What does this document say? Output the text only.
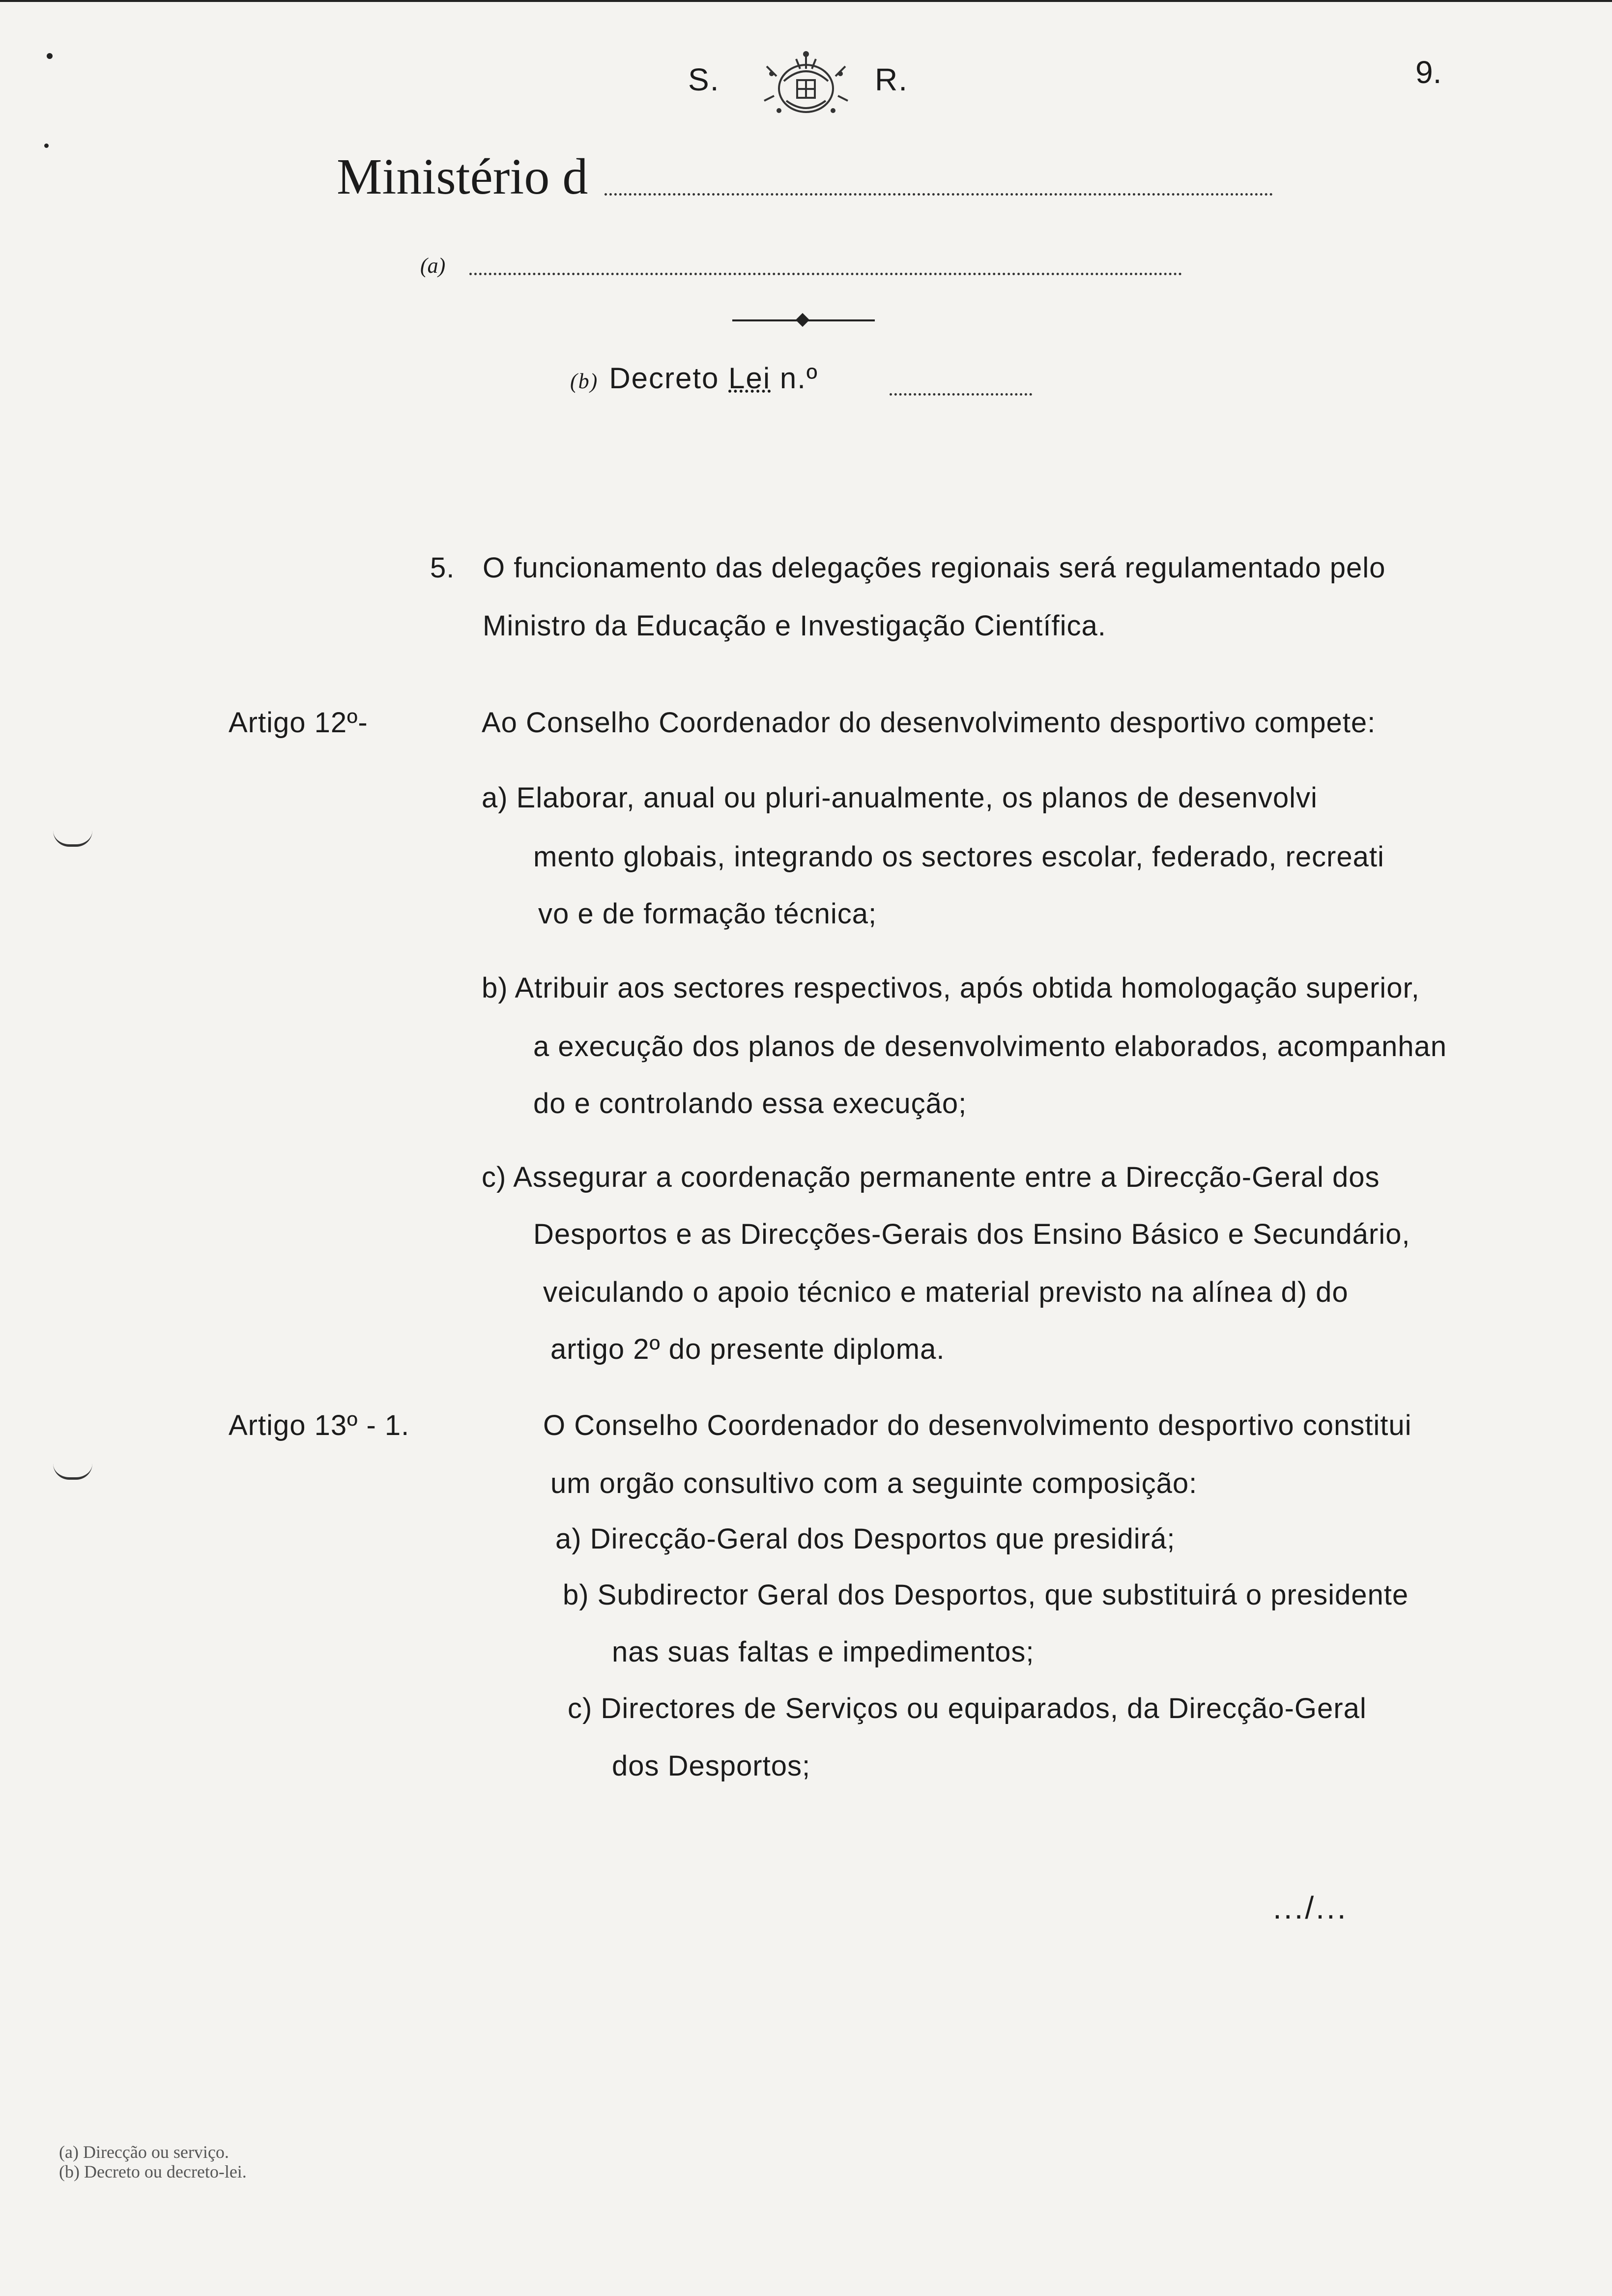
S.	R.	9.
Ministério d
(a)
(b) Decreto Lei n.º
5. O funcionamento das delegações regionais será regulamentado pelo
Ministro da Educação e Investigação Científica.
Artigo 12º-	Ao Conselho Coordenador do desenvolvimento desportivo compete:
a) Elaborar, anual ou pluri-anualmente, os planos de desenvolvi
mento globais, integrando os sectores escolar, federado, recreati
vo e de formação técnica;
b) Atribuir aos sectores respectivos, após obtida homologação superior,
a execução dos planos de desenvolvimento elaborados, acompanhan
do e controlando essa execução;
c) Assegurar a coordenação permanente entre a Direcção-Geral dos
Desportos e as Direcções-Gerais dos Ensino Básico e Secundário,
veiculando o apoio técnico e material previsto na alínea d) do
artigo 2º do presente diploma.
Artigo 13º - 1.	O Conselho Coordenador do desenvolvimento desportivo constitui
um orgão consultivo com a seguinte composição:
a) Direcção-Geral dos Desportos que presidirá;
b) Subdirector Geral dos Desportos, que substituirá o presidente
nas suas faltas e impedimentos;
c) Directores de Serviços ou equiparados, da Direcção-Geral
dos Desportos;
.../...
(a) Direcção ou serviço.
(b) Decreto ou decreto-lei.
